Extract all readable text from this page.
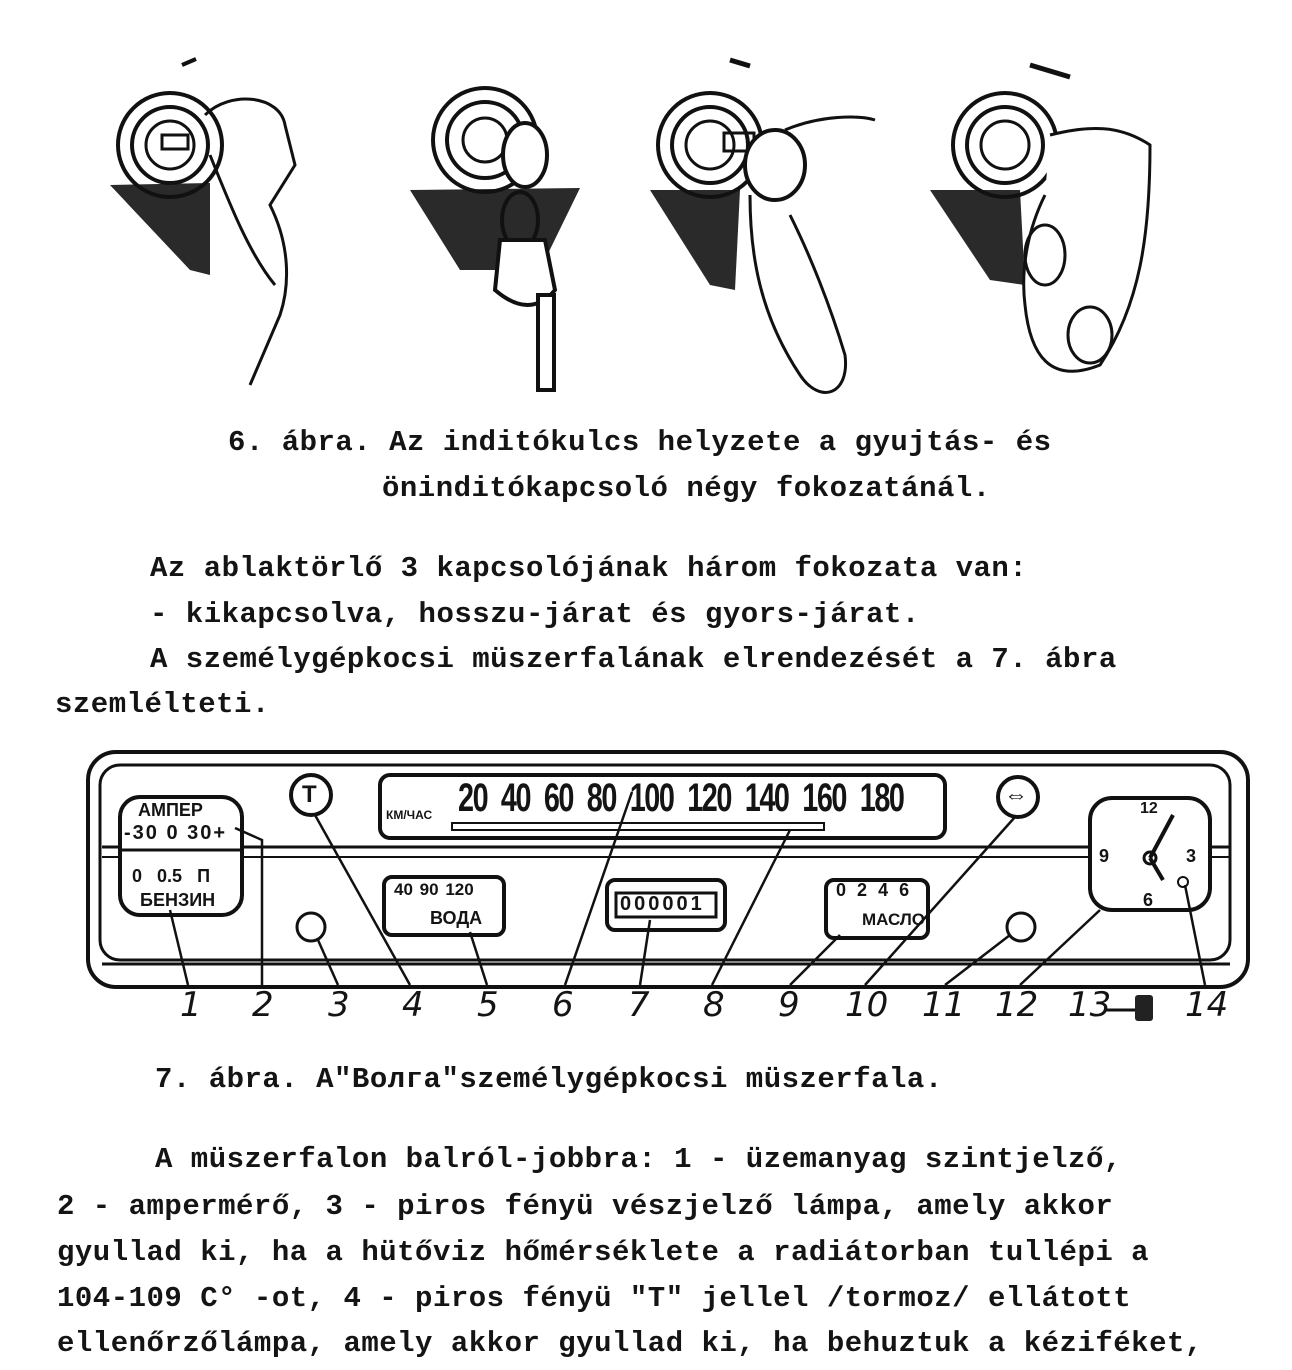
6. ábra. Az inditókulcs helyzete a gyujtás- és
öninditókapcsoló négy fokozatánál.
Az ablaktörlő 3 kapcsolójának három fokozata van:
- kikapcsolva, hosszu-járat és gyors-járat.
A személygépkocsi müszerfalának elrendezését a 7. ábra
szemlélteti.
АМПЕР
-30 0 30+
0 0.5 П
БЕНЗИН
T
КМ/ЧАС 20 40 60 80 100 120 140 160 180
40 90 120
ВОДА
000001
0 2 4 6
МАСЛО
⇔	12
3
6
9
1 2 3 4 5 6 7 8 9 10 11 12 13 14
7. ábra. A"Волга"személygépkocsi müszerfala.
A müszerfalon balról-jobbra: 1 - üzemanyag szintjelző,
2 - ampermérő, 3 - piros fényü vészjelző lámpa, amely akkor
gyullad ki, ha a hütőviz hőmérséklete a radiátorban tullépi a
104-109 C° -ot, 4 - piros fényü "T" jellel /tormoz/ ellátott
ellenőrzőlámpa, amely akkor gyullad ki, ha behuztuk a kéziféket,
